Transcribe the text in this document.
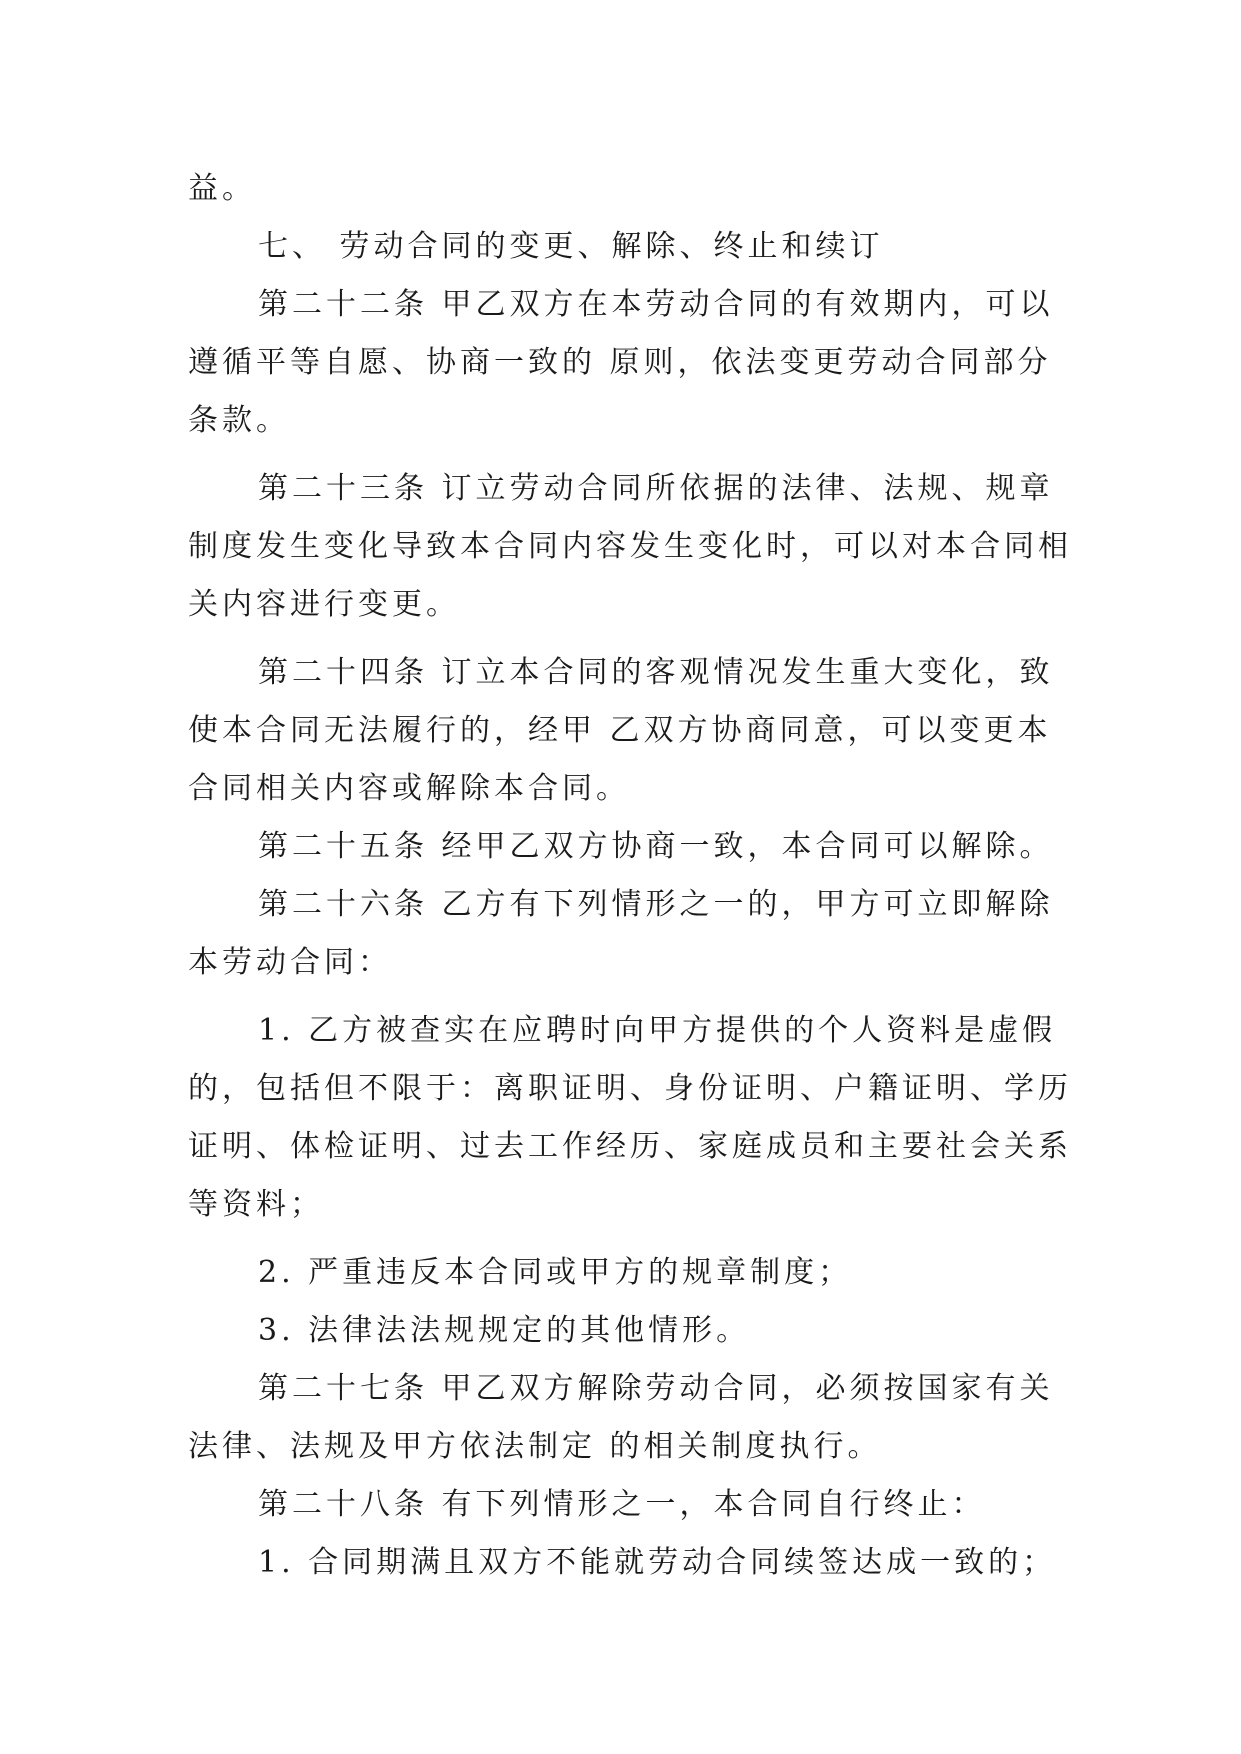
益。
七、 劳动合同的变更、解除、终止和续订
第二十二条 甲乙双方在本劳动合同的有效期内，可以
遵循平等自愿、协商一致的 原则，依法变更劳动合同部分
条款。
第二十三条 订立劳动合同所依据的法律、法规、规章
制度发生变化导致本合同内容发生变化时，可以对本合同相
关内容进行变更。
第二十四条 订立本合同的客观情况发生重大变化，致
使本合同无法履行的，经甲 乙双方协商同意，可以变更本
合同相关内容或解除本合同。
第二十五条 经甲乙双方协商一致，本合同可以解除。
第二十六条 乙方有下列情形之一的，甲方可立即解除
本劳动合同：
1. 乙方被查实在应聘时向甲方提供的个人资料是虚假
的，包括但不限于：离职证明、身份证明、户籍证明、学历
证明、体检证明、过去工作经历、家庭成员和主要社会关系
等资料；
2. 严重违反本合同或甲方的规章制度；
3. 法律法法规规定的其他情形。
第二十七条 甲乙双方解除劳动合同，必须按国家有关
法律、法规及甲方依法制定 的相关制度执行。
第二十八条 有下列情形之一，本合同自行终止：
1. 合同期满且双方不能就劳动合同续签达成一致的；
